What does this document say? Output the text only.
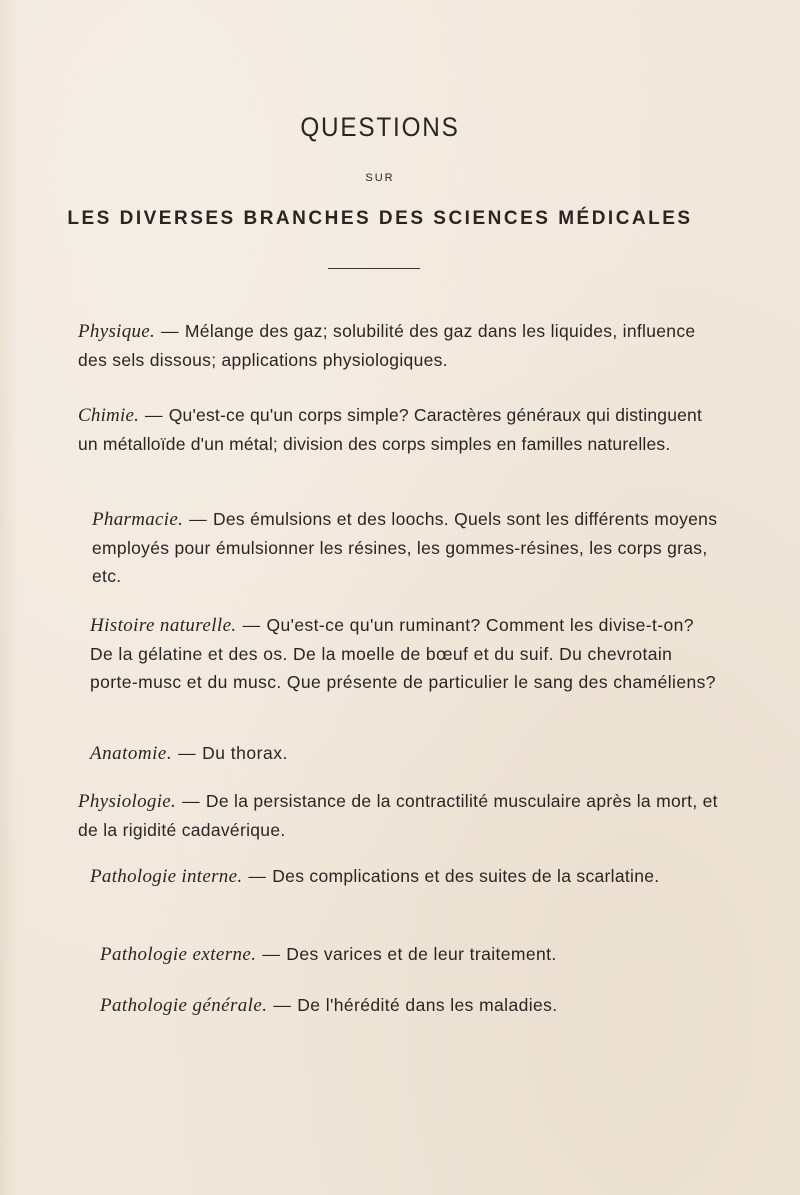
QUESTIONS
SUR
LES DIVERSES BRANCHES DES SCIENCES MÉDICALES

Physique. — Mélange des gaz; solubilité des gaz dans les liquides, influence des sels dissous; applications physiologiques.

Chimie. — Qu'est-ce qu'un corps simple? Caractères généraux qui distinguent un métalloïde d'un métal; division des corps simples en familles naturelles.

Pharmacie. — Des émulsions et des loochs. Quels sont les différents moyens employés pour émulsionner les résines, les gommes-résines, les corps gras, etc.

Histoire naturelle. — Qu'est-ce qu'un ruminant? Comment les divise-t-on? De la gélatine et des os. De la moelle de bœuf et du suif. Du chevrotain porte-musc et du musc. Que présente de particulier le sang des chaméliens?

Anatomie. — Du thorax.

Physiologie. — De la persistance de la contractilité musculaire après la mort, et de la rigidité cadavérique.

Pathologie interne. — Des complications et des suites de la scarlatine.

Pathologie externe. — Des varices et de leur traitement.

Pathologie générale. — De l'hérédité dans les maladies.
